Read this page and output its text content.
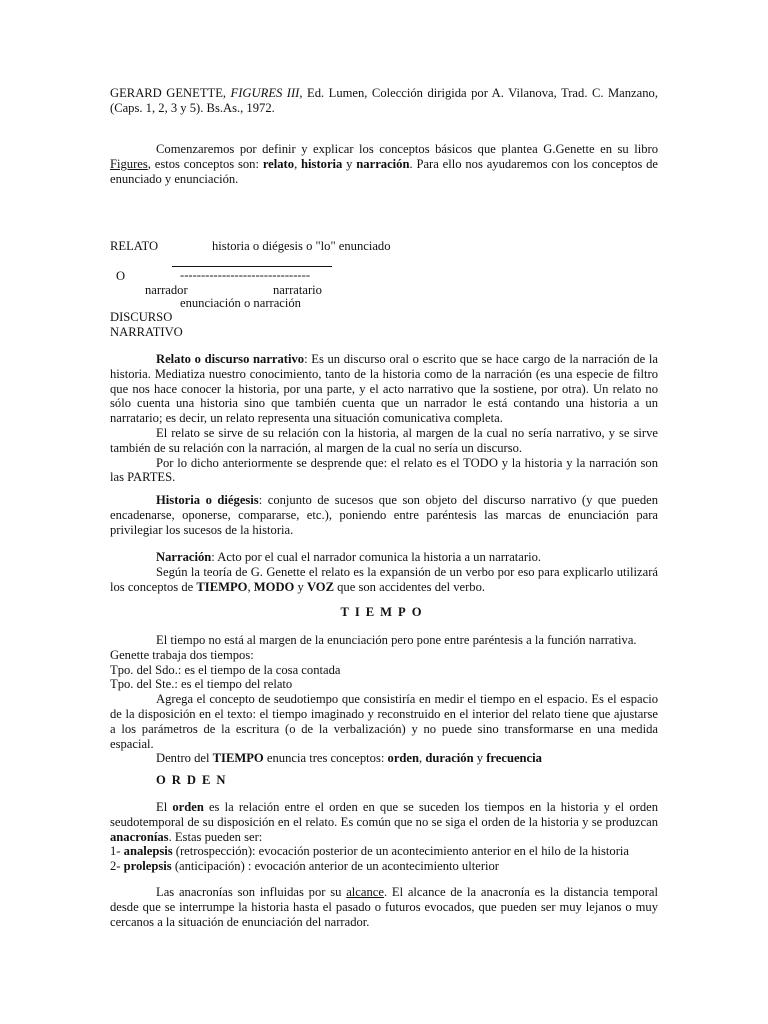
GERARD GENETTE, FIGURES III, Ed. Lumen, Colección dirigida por A. Vilanova, Trad. C. Manzano, (Caps. 1, 2, 3 y 5). Bs.As., 1972.

Comenzaremos por definir y explicar los conceptos básicos que plantea G.Genette en su libro Figures, estos conceptos son: relato, historia y narración. Para ello nos ayudaremos con los conceptos de enunciado y enunciación.

RELATO	historia o diégesis o "lo" enunciado
O	-------------------------------
narrador	narratario
enunciación o narración
DISCURSO
NARRATIVO

Relato o discurso narrativo: Es un discurso oral o escrito que se hace cargo de la narración de la historia. Mediatiza nuestro conocimiento, tanto de la historia como de la narración (es una especie de filtro que nos hace conocer la historia, por una parte, y el acto narrativo que la sostiene, por otra). Un relato no sólo cuenta una historia sino que también cuenta que un narrador le está contando una historia a un narratario; es decir, un relato representa una situación comunicativa completa.

El relato se sirve de su relación con la historia, al margen de la cual no sería narrativo, y se sirve también de su relación con la narración, al margen de la cual no sería un discurso.

Por lo dicho anteriormente se desprende que: el relato es el TODO y la historia y la narración son las PARTES.

Historia o diégesis: conjunto de sucesos que son objeto del discurso narrativo (y que pueden encadenarse, oponerse, compararse, etc.), poniendo entre paréntesis las marcas de enunciación para privilegiar los sucesos de la historia.

Narración: Acto por el cual el narrador comunica la historia a un narratario.

Según la teoría de G. Genette el relato es la expansión de un verbo por eso para explicarlo utilizará los conceptos de TIEMPO, MODO y VOZ que son accidentes del verbo.

TIEMPO

El tiempo no está al margen de la enunciación pero pone entre paréntesis a la función narrativa.

Genette trabaja dos tiempos:

Tpo. del Sdo.: es el tiempo de la cosa contada

Tpo. del Ste.: es el tiempo del relato

Agrega el concepto de seudotiempo que consistiría en medir el tiempo en el espacio. Es el espacio de la disposición en el texto: el tiempo imaginado y reconstruido en el interior del relato tiene que ajustarse a los parámetros de la escritura (o de la verbalización) y no puede sino transformarse en una medida espacial.

Dentro del TIEMPO enuncia tres conceptos: orden, duración y frecuencia

ORDEN

El orden es la relación entre el orden en que se suceden los tiempos en la historia y el orden seudotemporal de su disposición en el relato. Es común que no se siga el orden de la historia y se produzcan anacronías. Estas pueden ser:

1- analepsis (retrospección): evocación posterior de un acontecimiento anterior en el hilo de la historia

2- prolepsis (anticipación) : evocación anterior de un acontecimiento ulterior

Las anacronías son influidas por su alcance. El alcance de la anacronía es la distancia temporal desde que se interrumpe la historia hasta el pasado o futuros evocados, que pueden ser muy lejanos o muy cercanos a la situación de enunciación del narrador.
